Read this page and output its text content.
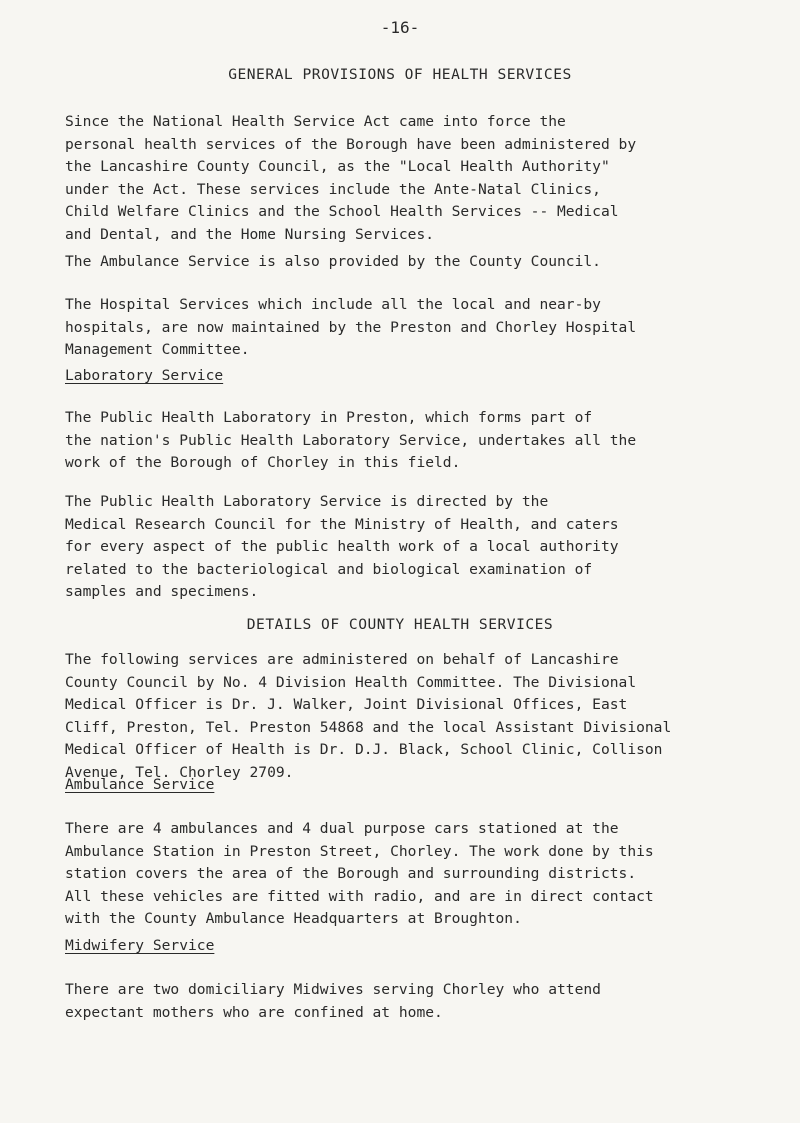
-16-
GENERAL PROVISIONS OF HEALTH SERVICES

Since the National Health Service Act came into force the
personal health services of the Borough have been administered by
the Lancashire County Council, as the "Local Health Authority"
under the Act. These services include the Ante-Natal Clinics,
Child Welfare Clinics and the School Health Services -- Medical
and Dental, and the Home Nursing Services.

The Ambulance Service is also provided by the County Council.

The Hospital Services which include all the local and near-by
hospitals, are now maintained by the Preston and Chorley Hospital
Management Committee.

Laboratory Service

The Public Health Laboratory in Preston, which forms part of
the nation's Public Health Laboratory Service, undertakes all the
work of the Borough of Chorley in this field.

The Public Health Laboratory Service is directed by the
Medical Research Council for the Ministry of Health, and caters
for every aspect of the public health work of a local authority
related to the bacteriological and biological examination of
samples and specimens.

DETAILS OF COUNTY HEALTH SERVICES

The following services are administered on behalf of Lancashire
County Council by No. 4 Division Health Committee. The Divisional
Medical Officer is Dr. J. Walker, Joint Divisional Offices, East
Cliff, Preston, Tel. Preston 54868 and the local Assistant Divisional
Medical Officer of Health is Dr. D.J. Black, School Clinic, Collison
Avenue, Tel. Chorley 2709.

Ambulance Service

There are 4 ambulances and 4 dual purpose cars stationed at the
Ambulance Station in Preston Street, Chorley. The work done by this
station covers the area of the Borough and surrounding districts.
All these vehicles are fitted with radio, and are in direct contact
with the County Ambulance Headquarters at Broughton.

Midwifery Service

There are two domiciliary Midwives serving Chorley who attend
expectant mothers who are confined at home.
